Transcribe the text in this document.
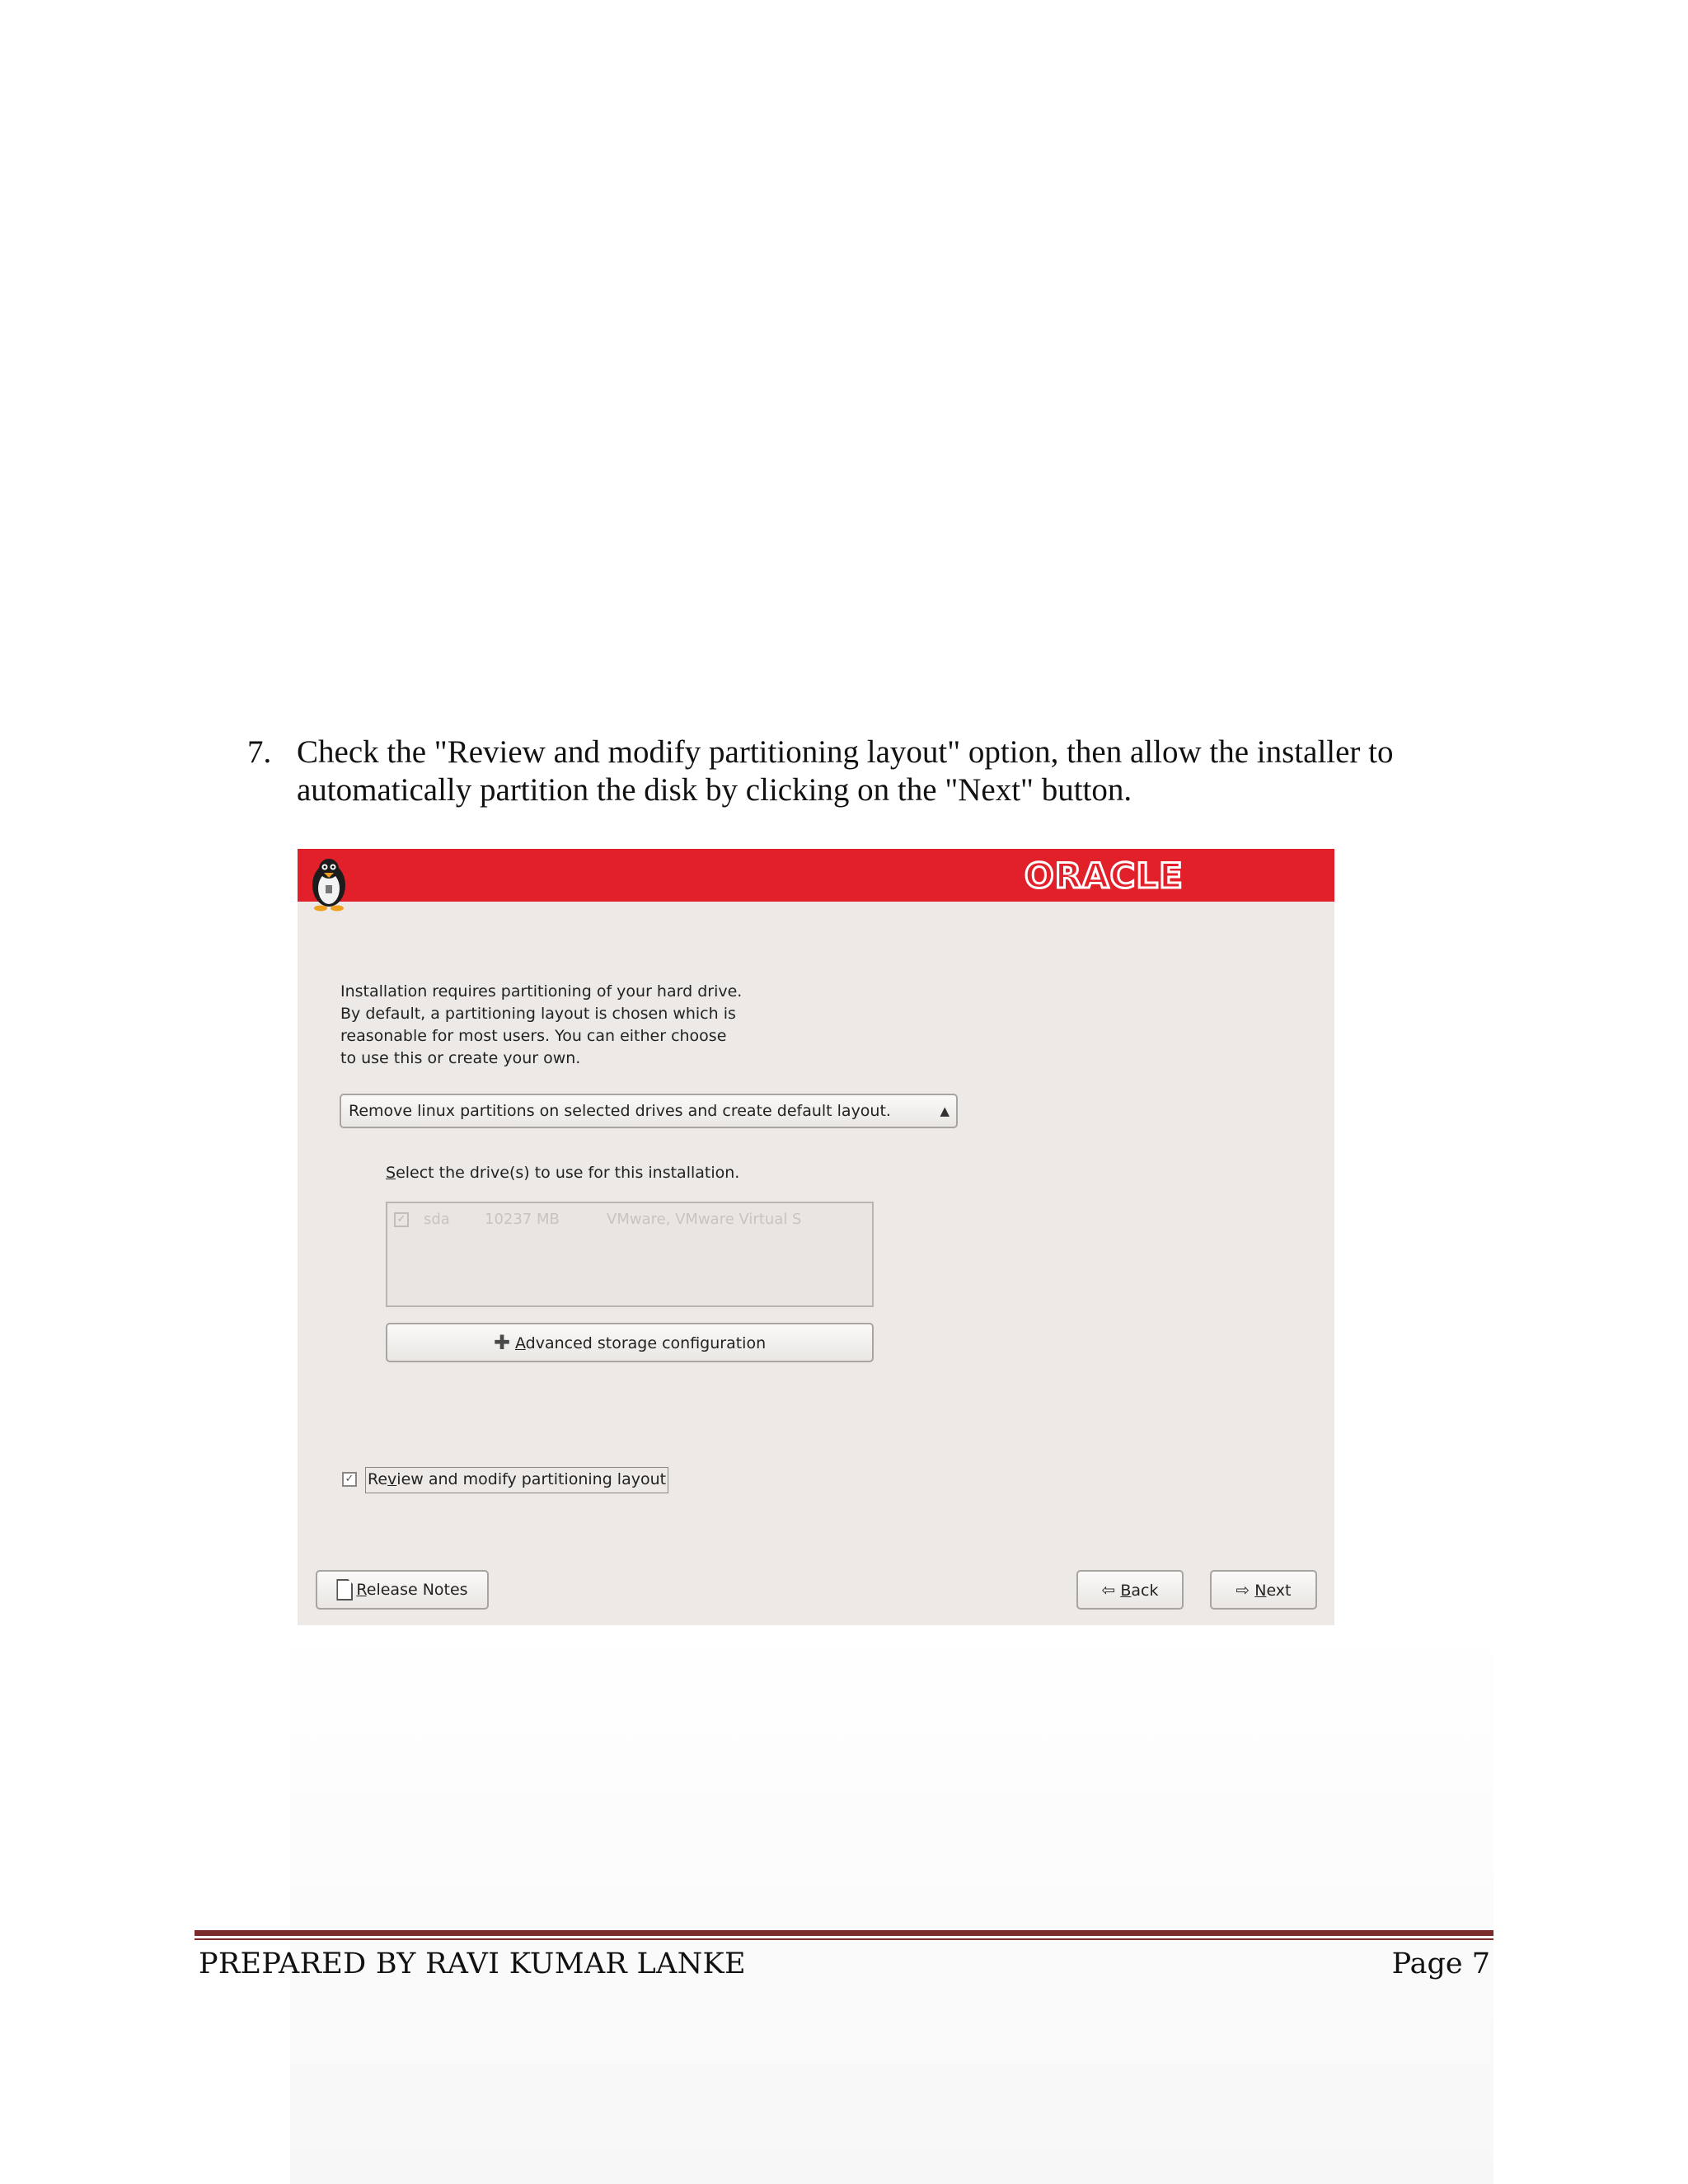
7. Check the "Review and modify partitioning layout" option, then allow the installer to
automatically partition the disk by clicking on the "Next" button.
ORACLE
Installation requires partitioning of your hard drive.
By default, a partitioning layout is chosen which is
reasonable for most users. You can either choose
to use this or create your own.
Remove linux partitions on selected drives and create default layout.	▲

Select the drive(s) to use for this installation.
✓ sda 10237 MB	VMware, VMware Virtual S
✚ Advanced storage configuration
✓ Review and modify partitioning layout
Release Notes	⇦ Back	⇨ Next
PREPARED BY RAVI KUMAR LANKE	Page 7
